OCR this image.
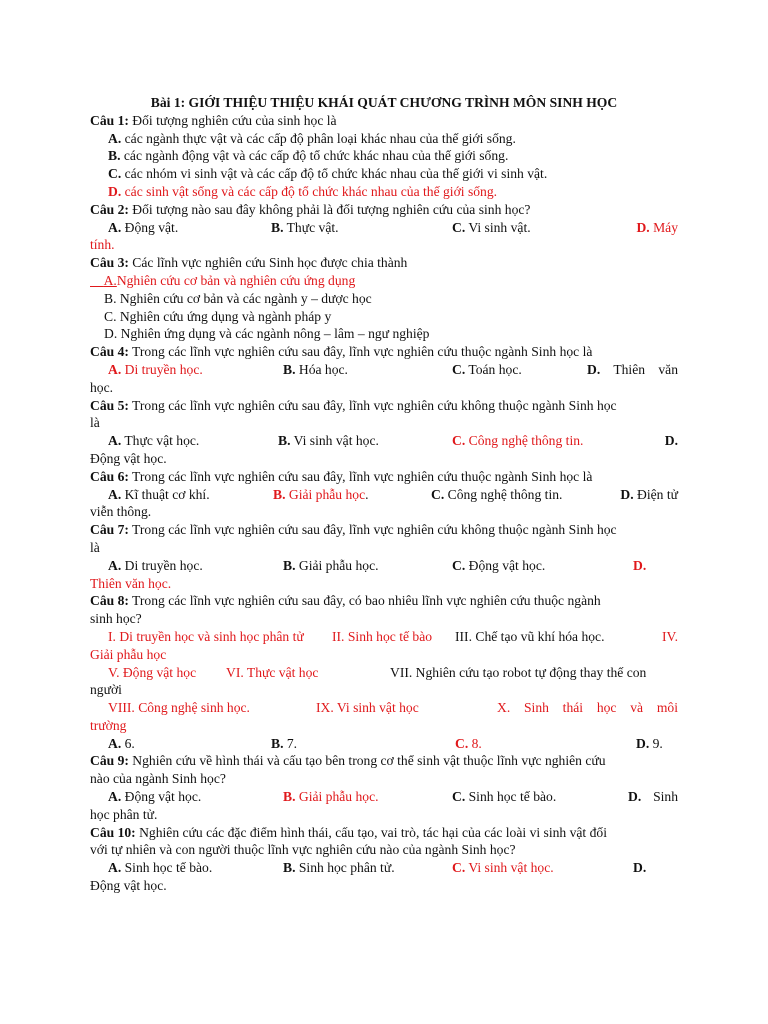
Bài 1: GIỚI THIỆU THIỆU KHÁI QUÁT CHƯƠNG TRÌNH MÔN SINH HỌC
Câu 1: Đối tượng nghiên cứu của sinh học là
A. các ngành thực vật và các cấp độ phân loại khác nhau của thế giới sống.
B. các ngành động vật và các cấp độ tổ chức khác nhau của thế giới sống.
C. các nhóm vi sinh vật và các cấp độ tổ chức khác nhau của thế giới vi sinh vật.
D. các sinh vật sống và các cấp độ tổ chức khác nhau của thế giới sống.
Câu 2: Đối tượng nào sau đây không phải là đối tượng nghiên cứu của sinh học?
A. Động vật.	B. Thực vật.	C. Vi sinh vật.	D. Máy
tính.
Câu 3: Các lĩnh vực nghiên cứu Sinh học được chia thành
A.Nghiên cứu cơ bản và nghiên cứu ứng dụng
B. Nghiên cứu cơ bản và các ngành y – dược học
C. Nghiên cứu ứng dụng và ngành pháp y
D. Nghiên ứng dụng và các ngành nông – lâm – ngư nghiệp
Câu 4: Trong các lĩnh vực nghiên cứu sau đây, lĩnh vực nghiên cứu thuộc ngành Sinh học là
A. Di truyền học.	B. Hóa học.	C. Toán học.	D. Thiên văn
học.
Câu 5: Trong các lĩnh vực nghiên cứu sau đây, lĩnh vực nghiên cứu không thuộc ngành Sinh học
là
A. Thực vật học.	B. Vi sinh vật học.	C. Công nghệ thông tin.	D.
Động vật học.
Câu 6: Trong các lĩnh vực nghiên cứu sau đây, lĩnh vực nghiên cứu thuộc ngành Sinh học là
A. Kĩ thuật cơ khí.	B. Giải phẫu học.	C. Công nghệ thông tin.	D. Điện tử
viễn thông.
Câu 7: Trong các lĩnh vực nghiên cứu sau đây, lĩnh vực nghiên cứu không thuộc ngành Sinh học
là
A. Di truyền học.	B. Giải phẫu học.	C. Động vật học.	D.
Thiên văn học.
Câu 8: Trong các lĩnh vực nghiên cứu sau đây, có bao nhiêu lĩnh vực nghiên cứu thuộc ngành
sinh học?
I. Di truyền học và sinh học phân tử II. Sinh học tế bào III. Chế tạo vũ khí hóa học.	IV.
Giải phẫu học
V. Động vật học VI. Thực vật học	VII. Nghiên cứu tạo robot tự động thay thế con
người
VIII. Công nghệ sinh học.	IX. Vi sinh vật học	X. Sinh thái học và môi
trường
A. 6.	B. 7.	C. 8.	D. 9.
Câu 9: Nghiên cứu về hình thái và cấu tạo bên trong cơ thể sinh vật thuộc lĩnh vực nghiên cứu
nào của ngành Sinh học?
A. Động vật học.	B. Giải phẫu học.	C. Sinh học tế bào.	D. Sinh
học phân tử.
Câu 10: Nghiên cứu các đặc điểm hình thái, cấu tạo, vai trò, tác hại của các loài vi sinh vật đối
với tự nhiên và con người thuộc lĩnh vực nghiên cứu nào của ngành Sinh học?
A. Sinh học tế bào.	B. Sinh học phân tử.	C. Vi sinh vật học.	D.
Động vật học.
